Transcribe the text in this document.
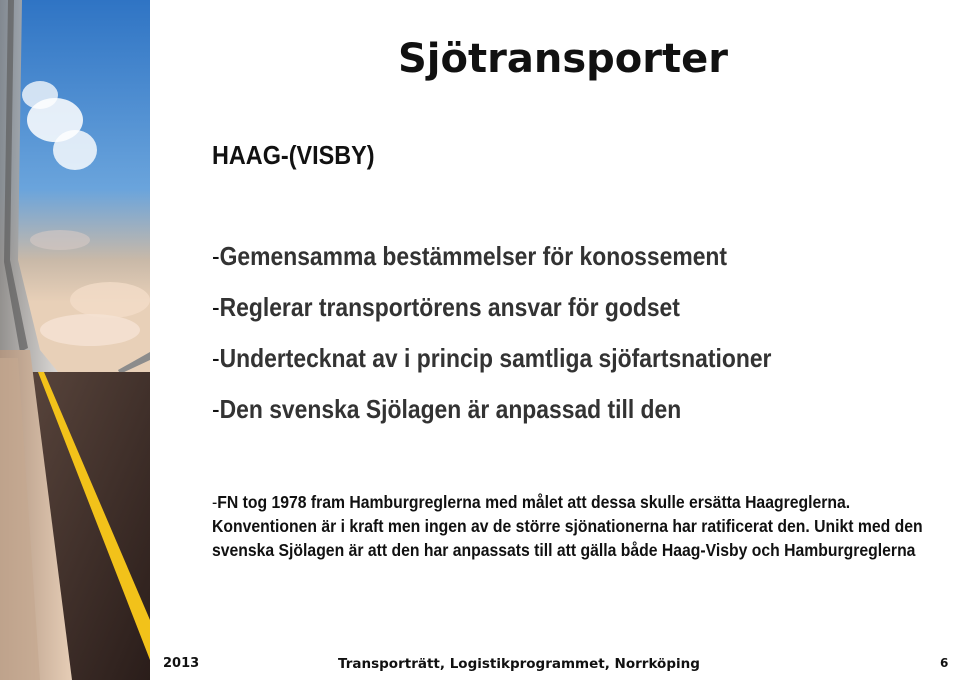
Sjötransporter
HAAG-(VISBY)
-Gemensamma bestämmelser för konossement
-Reglerar transportörens ansvar för godset
-Undertecknat av i princip samtliga sjöfartsnationer
-Den svenska Sjölagen är anpassad till den

-FN tog 1978 fram Hamburgreglerna med målet att dessa skulle ersätta Haagreglerna. Konventionen är i kraft men ingen av de större sjönationerna har ratificerat den. Unikt med den svenska Sjölagen är att den har anpassats till att gälla både Haag-Visby och Hamburgreglerna

2013	Transporträtt, Logistikprogrammet, Norrköping	6
